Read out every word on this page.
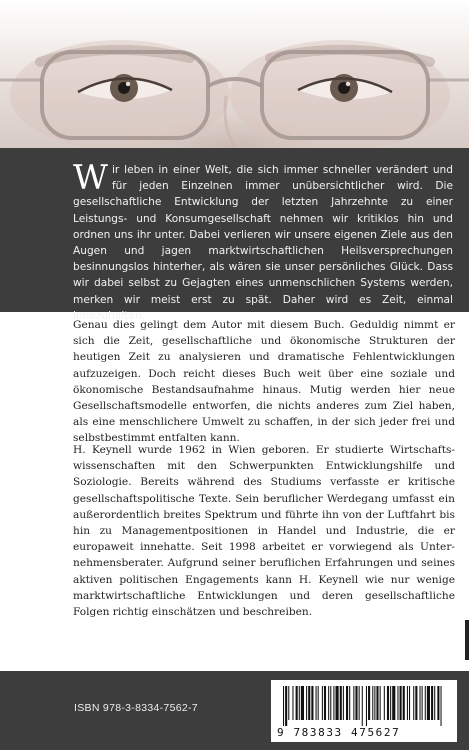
Wir leben in einer Welt, die sich immer schneller verändert und für jeden Einzelnen immer unübersichtlicher wird. Die gesellschaftliche Entwicklung der letzten Jahrzehnte zu einer Leistungs- und Konsumgesellschaft nehmen wir kritiklos hin und ordnen uns ihr unter. Dabei verlieren wir unsere eigenen Ziele aus den Augen und jagen marktwirtschaftlichen Heilsversprechungen besinnungslos hinterher, als wären sie unser persönliches Glück. Dass wir dabei selbst zu Gejagten eines unmenschlichen Systems werden, merken wir meist erst zu spät. Daher wird es Zeit, einmal innezuhalten.

Genau dies gelingt dem Autor mit diesem Buch. Geduldig nimmt er sich die Zeit, gesellschaftliche und ökonomische Strukturen der heutigen Zeit zu analysieren und dramatische Fehlentwicklungen aufzuzeigen. Doch reicht dieses Buch weit über eine soziale und ökonomische Bestandsaufnahme hinaus. Mutig werden hier neue Gesellschaftsmodelle entworfen, die nichts anderes zum Ziel haben, als eine menschlichere Umwelt zu schaffen, in der sich jeder frei und selbstbestimmt entfalten kann.

H. Keynell wurde 1962 in Wien geboren. Er studierte Wirtschaftswissenschaften mit den Schwerpunkten Entwicklungshilfe und Soziologie. Bereits während des Studiums verfasste er kritische gesellschaftspolitische Texte. Sein beruflicher Werdegang umfasst ein außerordentlich breites Spektrum und führte ihn von der Luftfahrt bis hin zu Managementpositionen in Handel und Industrie, die er europaweit innehatte. Seit 1998 arbeitet er vorwiegend als Unternehmensberater. Aufgrund seiner beruflichen Erfahrungen und seines aktiven politischen Engagements kann H. Keynell wie nur wenige marktwirtschaftliche Entwicklungen und deren gesellschaftliche Folgen richtig einschätzen und beschreiben.

ISBN 978-3-8334-7562-7
9 783833 475627
